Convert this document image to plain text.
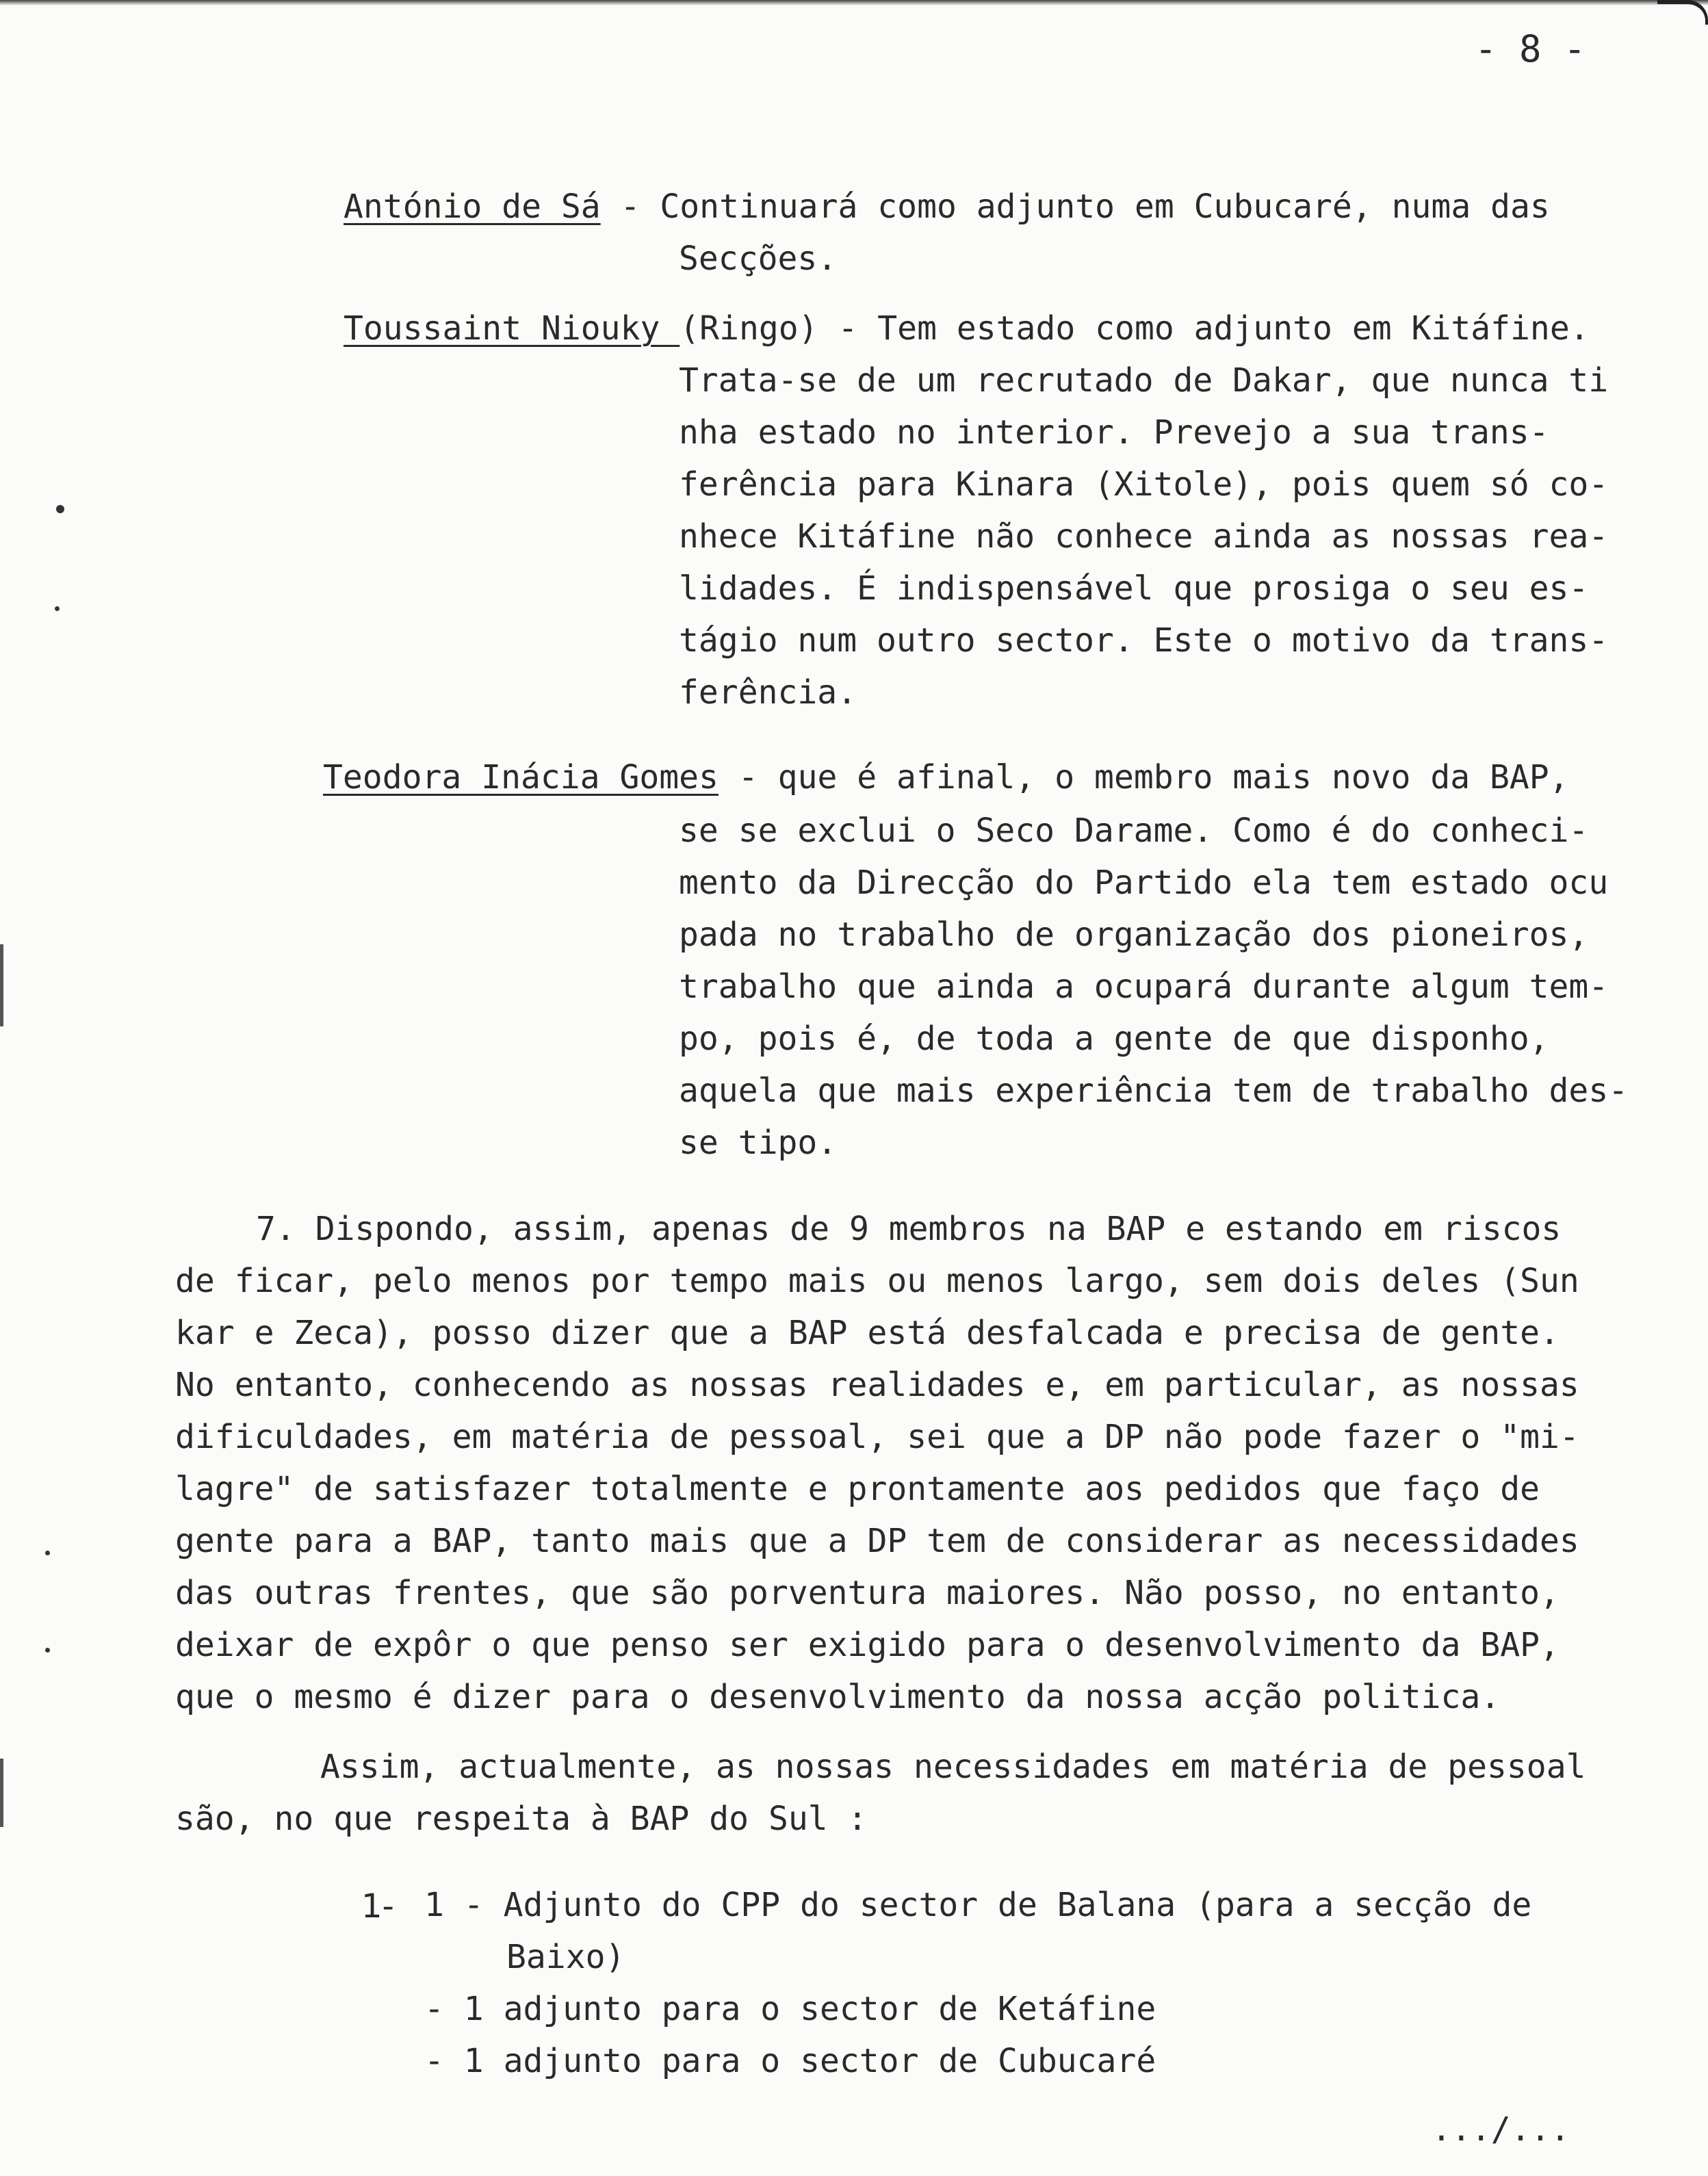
- 8 -
António de Sá - Continuará como adjunto em Cubucaré, numa das
Secções.
Toussaint Niouky (Ringo) - Tem estado como adjunto em Kitáfine.
Trata-se de um recrutado de Dakar, que nunca ti
nha estado no interior. Prevejo a sua trans-
ferência para Kinara (Xitole), pois quem só co-
nhece Kitáfine não conhece ainda as nossas rea-
lidades. É indispensável que prosiga o seu es-
tágio num outro sector. Este o motivo da trans-
ferência.
Teodora Inácia Gomes - que é afinal, o membro mais novo da BAP,
se se exclui o Seco Darame. Como é do conheci-
mento da Direcção do Partido ela tem estado ocu
pada no trabalho de organização dos pioneiros,
trabalho que ainda a ocupará durante algum tem-
po, pois é, de toda a gente de que disponho,
aquela que mais experiência tem de trabalho des-
se tipo.
7. Dispondo, assim, apenas de 9 membros na BAP e estando em riscos
de ficar, pelo menos por tempo mais ou menos largo, sem dois deles (Sun
kar e Zeca), posso dizer que a BAP está desfalcada e precisa de gente.
No entanto, conhecendo as nossas realidades e, em particular, as nossas
dificuldades, em matéria de pessoal, sei que a DP não pode fazer o "mi-
lagre" de satisfazer totalmente e prontamente aos pedidos que faço de
gente para a BAP, tanto mais que a DP tem de considerar as necessidades
das outras frentes, que são porventura maiores. Não posso, no entanto,
deixar de expôr o que penso ser exigido para o desenvolvimento da BAP,
que o mesmo é dizer para o desenvolvimento da nossa acção politica.
Assim, actualmente, as nossas necessidades em matéria de pessoal
são, no que respeita à BAP do Sul :
1- 1 - Adjunto do CPP do sector de Balana (para a secção de
Baixo)
- 1 adjunto para o sector de Ketáfine
- 1 adjunto para o sector de Cubucaré
.../...
